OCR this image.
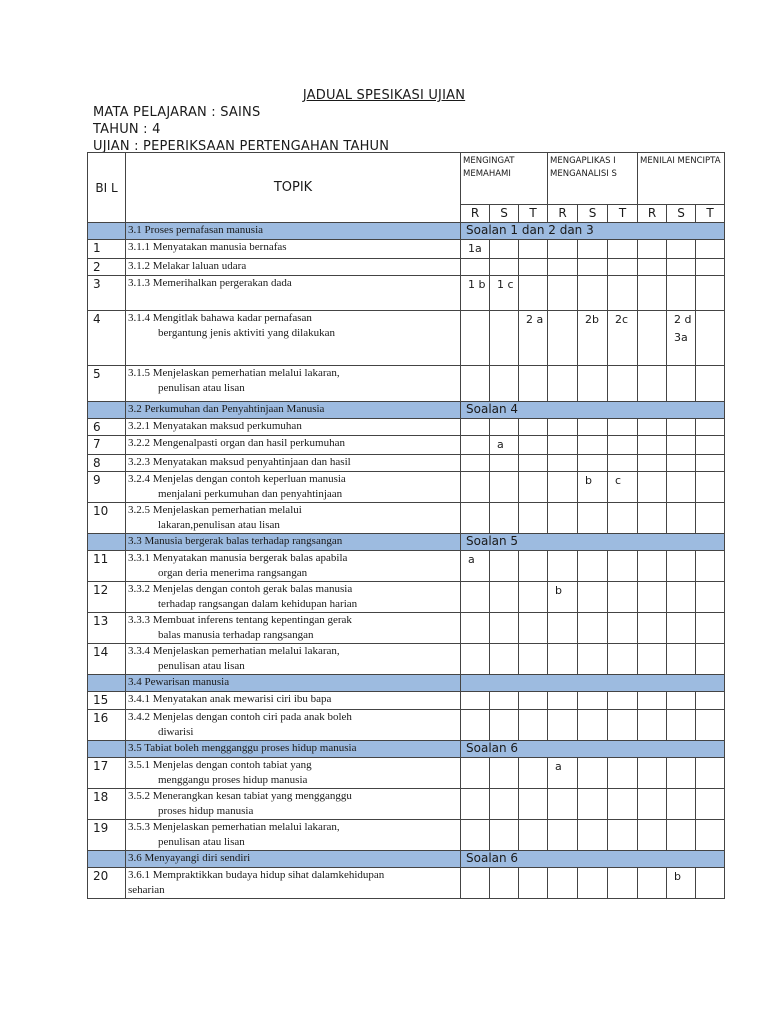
JADUAL SPESIKASI UJIAN
MATA PELAJARAN : SAINS
TAHUN : 4
UJIAN : PEPERIKSAAN PERTENGAHAN TAHUN
BI L	TOPIK	MENGINGAT MEMAHAMI			MENGAPLIKAS I MENGANALISI S			MENILAI MENCIPTA		
		R	S	T	R	S	T	R	S	T
	3.1 Proses pernafasan manusia	Soalan 1 dan 2 dan 3								
1	3.1.1 Menyatakan manusia bernafas	1a								
2	3.1.2 Melakar laluan udara									

3	3.1.3 Memerihalkan pergerakan dada	1 b	1 c							
4	3.1.4 Mengitlak bahawa kadar pernafasan
bergantung jenis aktiviti yang dilakukan			2 a		2b	2c		2 d 3a	
5	3.1.5 Menjelaskan pemerhatian melalui lakaran,
penulisan atau lisan									

	3.2 Perkumuhan dan Penyahtinjaan Manusia	Soalan 4								
6	3.2.1 Menyatakan maksud perkumuhan									

7	3.2.2 Mengenalpasti organ dan hasil perkumuhan		a							
8	3.2.3 Menyatakan maksud penyahtinjaan dan hasil									

9	3.2.4 Menjelas dengan contoh keperluan manusia
menjalani perkumuhan dan penyahtinjaan					b	c			
10	3.2.5 Menjelaskan pemerhatian melalui
lakaran,penulisan atau lisan									

	3.3 Manusia bergerak balas terhadap rangsangan	Soalan 5								
11	3.3.1 Menyatakan manusia bergerak balas apabila
organ deria menerima rangsangan	a								
12	3.3.2 Menjelas dengan contoh gerak balas manusia
terhadap rangsangan dalam kehidupan harian				b					
13	3.3.3 Membuat inferens tentang kepentingan gerak
balas manusia terhadap rangsangan									

14	3.3.4 Menjelaskan pemerhatian melalui lakaran,
penulisan atau lisan									

	3.4 Pewarisan manusia									
15	3.4.1 Menyatakan anak mewarisi ciri ibu bapa									

16	3.4.2 Menjelas dengan contoh ciri pada anak boleh
diwarisi									

	3.5 Tabiat boleh mengganggu proses hidup manusia	Soalan 6								
17	3.5.1 Menjelas dengan contoh tabiat yang
menggangu proses hidup manusia				a					
18	3.5.2 Menerangkan kesan tabiat yang mengganggu
proses hidup manusia									

19	3.5.3 Menjelaskan pemerhatian melalui lakaran,
penulisan atau lisan									

	3.6 Menyayangi diri sendiri	Soalan 6								
20	3.6.1 Mempraktikkan budaya hidup sihat dalamkehidupan
seharian								b	
